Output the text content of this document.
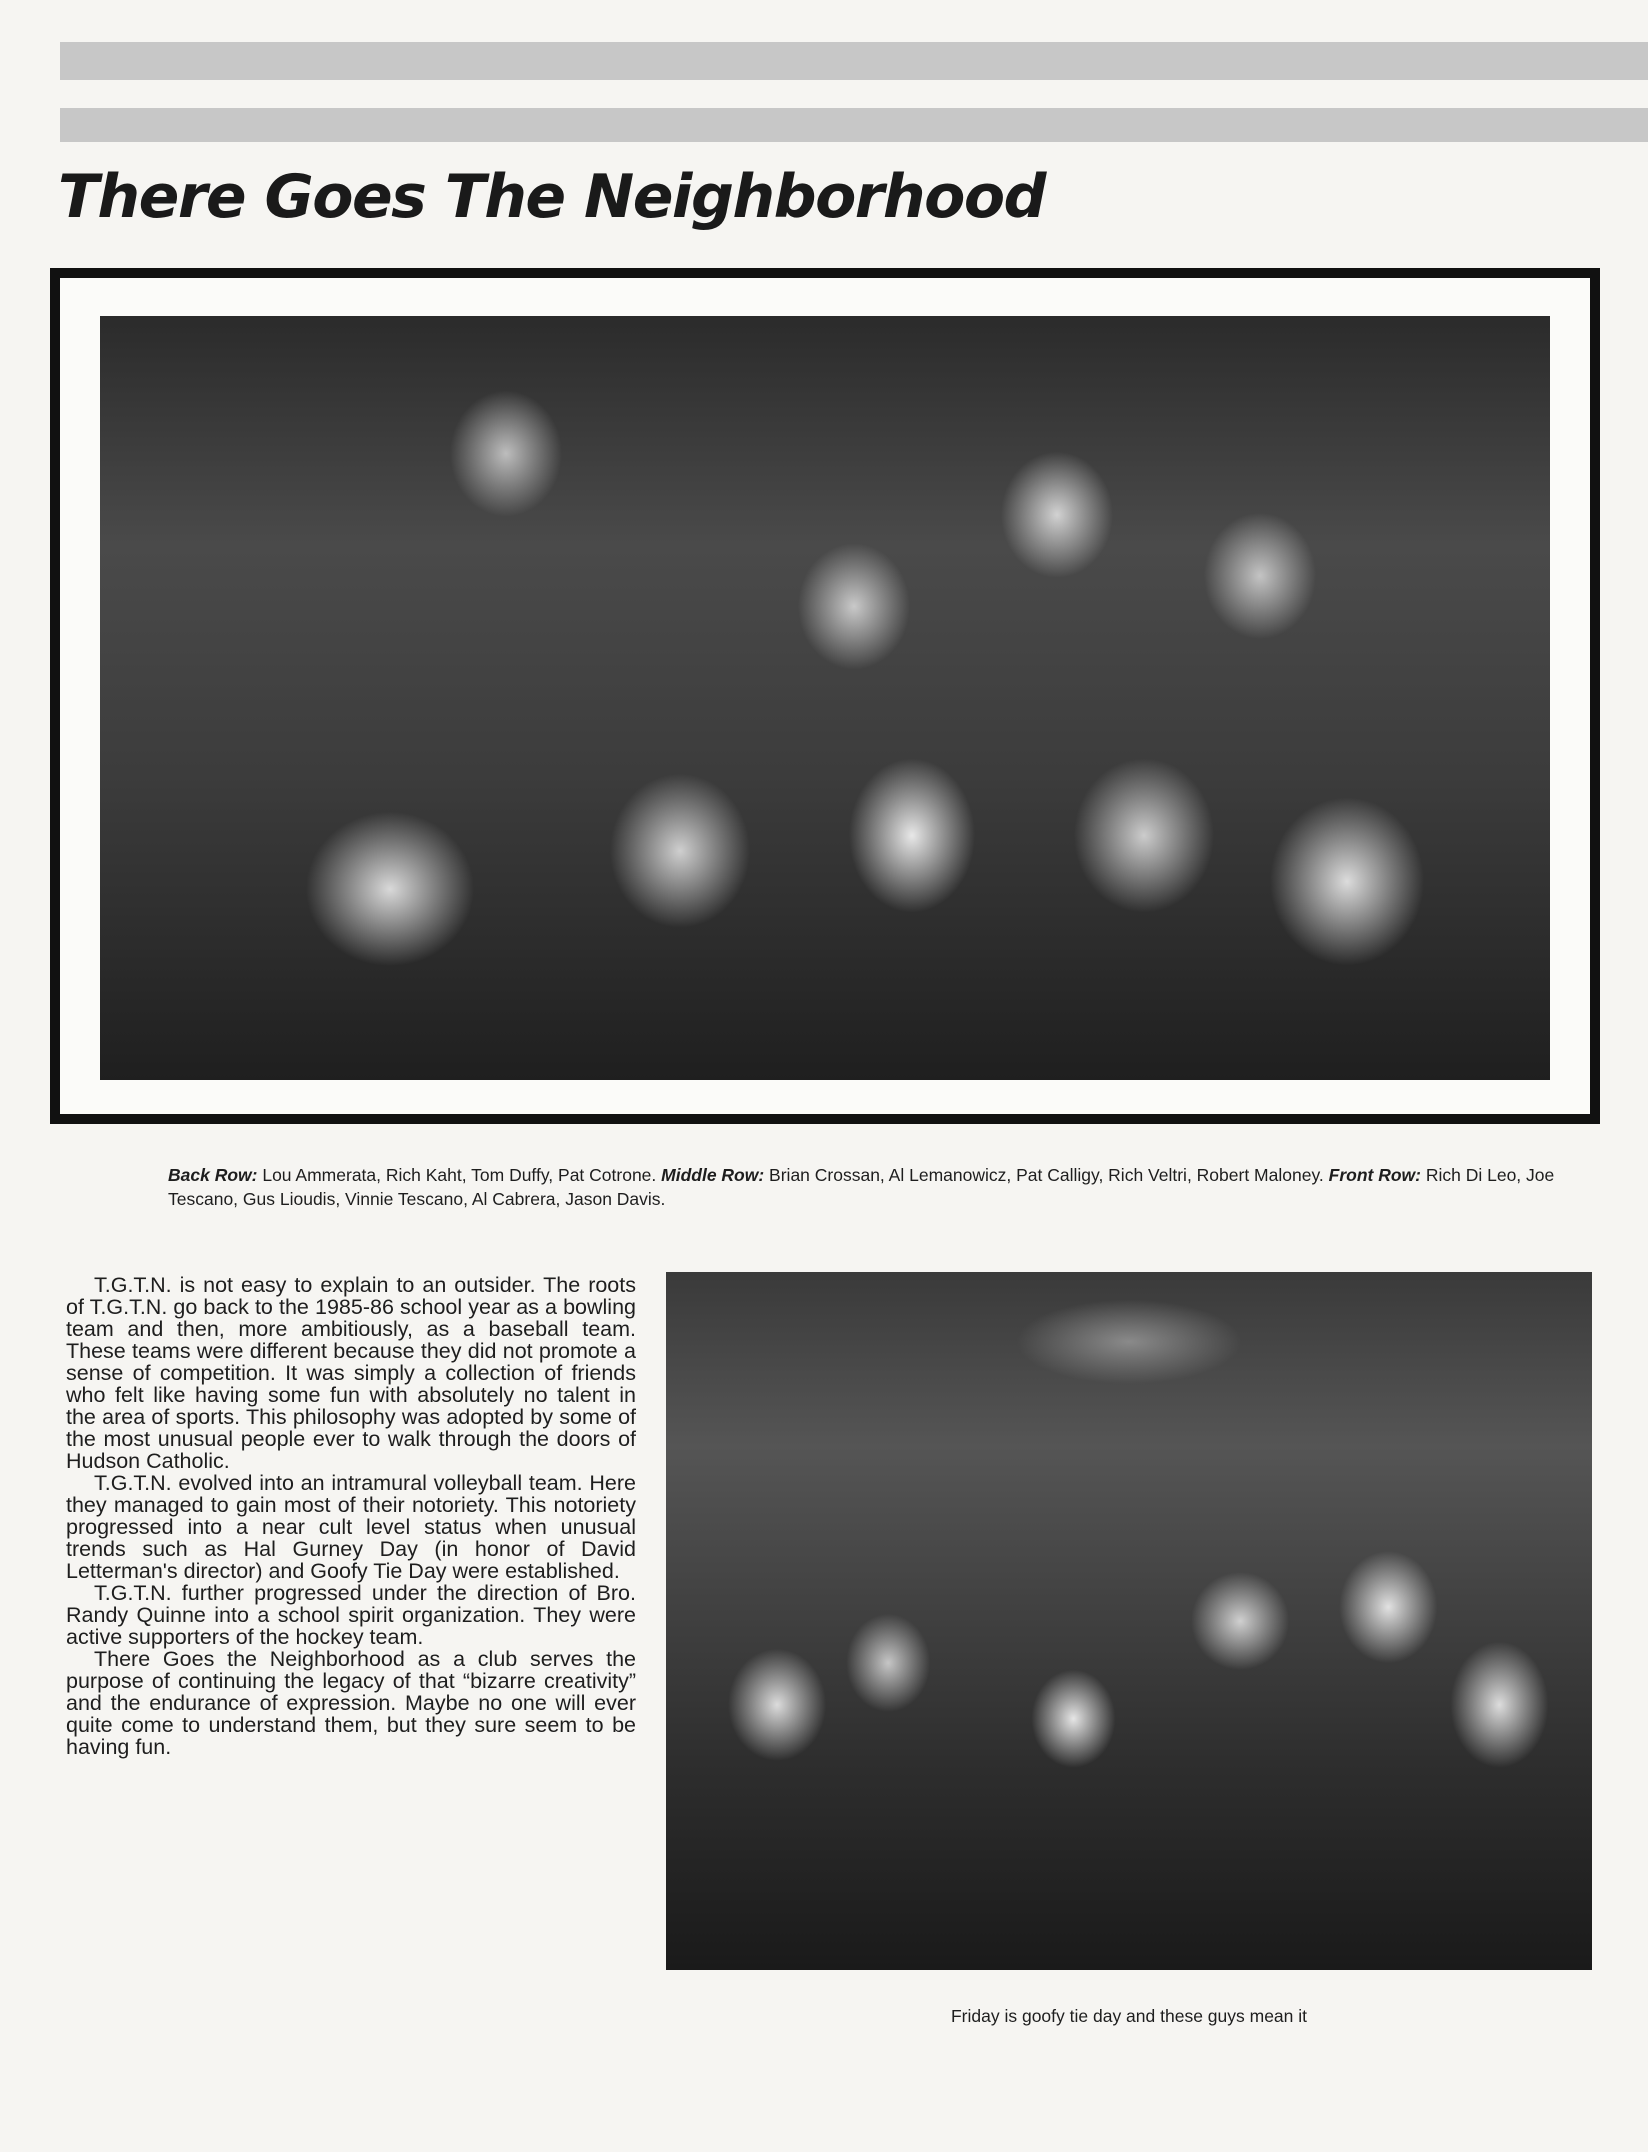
There Goes The Neighborhood

Back Row: Lou Ammerata, Rich Kaht, Tom Duffy, Pat Cotrone. Middle Row: Brian Crossan, Al Lemanowicz, Pat Calligy, Rich Veltri, Robert Maloney. Front Row: Rich Di Leo, Joe Tescano, Gus Lioudis, Vinnie Tescano, Al Cabrera, Jason Davis.

T.G.T.N. is not easy to explain to an outsider. The roots of T.G.T.N. go back to the 1985-86 school year as a bowling team and then, more ambitiously, as a baseball team. These teams were different because they did not promote a sense of competition. It was simply a collection of friends who felt like having some fun with absolutely no talent in the area of sports. This philosophy was adopted by some of the most unusual people ever to walk through the doors of Hudson Catholic.

T.G.T.N. evolved into an intramural volleyball team. Here they managed to gain most of their notoriety. This notoriety progressed into a near cult level status when unusual trends such as Hal Gurney Day (in honor of David Letterman's director) and Goofy Tie Day were established.

T.G.T.N. further progressed under the direction of Bro. Randy Quinne into a school spirit organization. They were active supporters of the hockey team.

There Goes the Neighborhood as a club serves the purpose of continuing the legacy of that “bizarre creativity” and the endurance of expression. Maybe no one will ever quite come to understand them, but they sure seem to be having fun.

Friday is goofy tie day and these guys mean it
